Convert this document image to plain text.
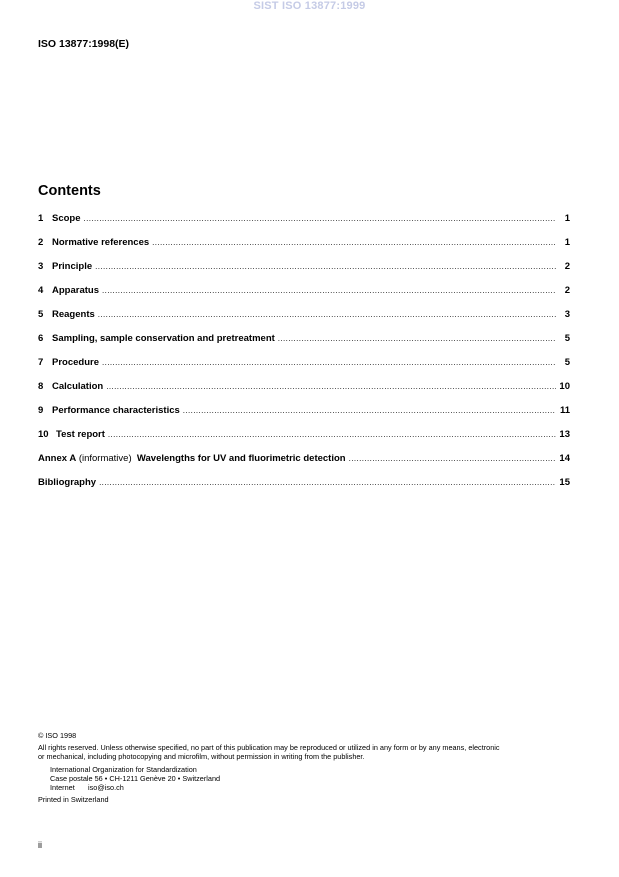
SIST ISO 13877:1999
ISO 13877:1998(E)
Contents
1 Scope .....	1
2 Normative references .....	1
3 Principle .....	2
4 Apparatus .....	2
5 Reagents .....	3
6 Sampling, sample conservation and pretreatment .....	5
7 Procedure .....	5
8 Calculation .....	10
9 Performance characteristics .....	11
10 Test report .....	13
Annex A
(informative)
Wavelengths for UV and fluorimetric detection .....	14
Bibliography .....	15

© ISO 1998

All rights reserved. Unless otherwise specified, no part of this publication may be reproduced or utilized in any form or by any means, electronic

or mechanical, including photocopying and microfilm, without permission in writing from the publisher.

International Organization for Standardization

Case postale 56 • CH-1211 Genève 20 • Switzerland

Internet iso@iso.ch

Printed in Switzerland

ii
